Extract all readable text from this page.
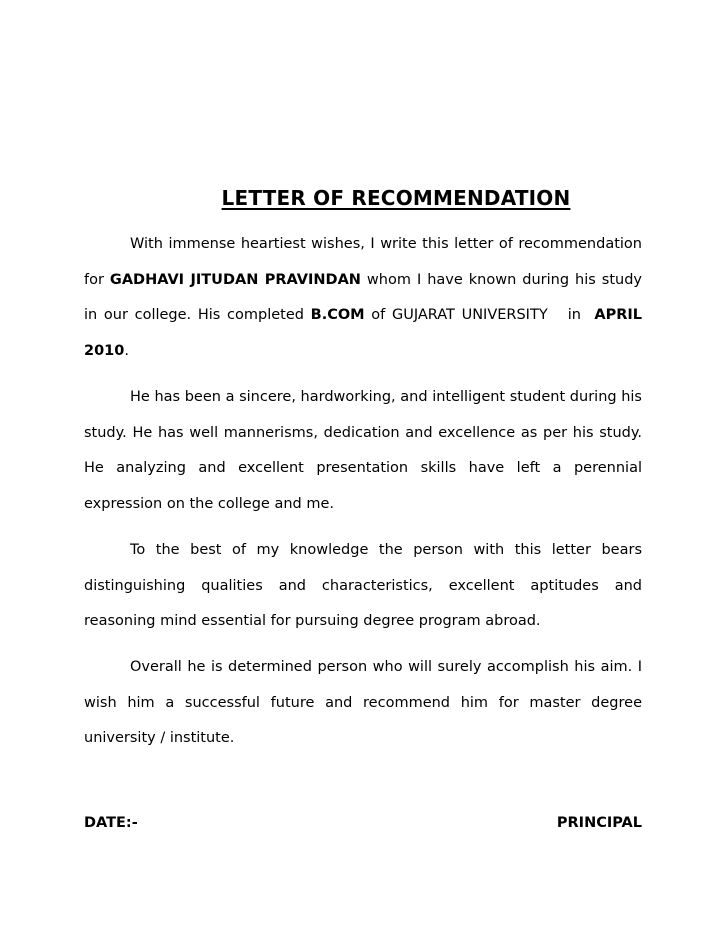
LETTER OF RECOMMENDATION
With immense heartiest wishes, I write this letter of recommendation for GADHAVI JITUDAN PRAVINDAN whom I have known during his study in our college. His completed B.COM of GUJARAT UNIVERSITY   in  APRIL 2010.
He has been a sincere, hardworking, and intelligent student during his study. He has well mannerisms, dedication and excellence as per his study.  He analyzing and excellent presentation skills have left a perennial   expression on the college and me.
To the best of my knowledge the person with this letter bears distinguishing qualities and characteristics, excellent aptitudes and reasoning mind essential for pursuing degree program abroad.
Overall he is determined person who will surely accomplish his aim. I wish him a successful future and recommend him for master degree university / institute.
DATE:-	PRINCIPAL
